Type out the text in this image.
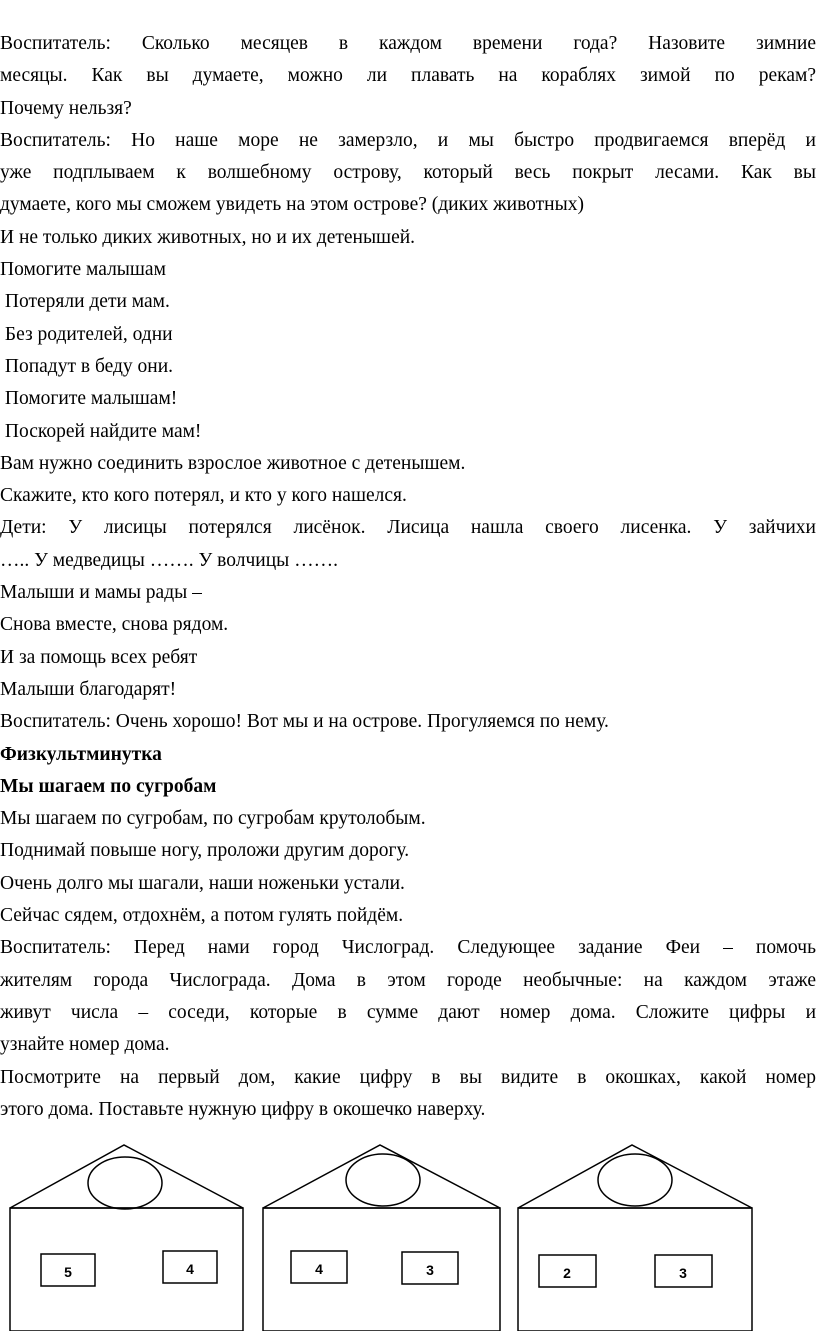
Воспитатель: Сколько месяцев в каждом времени года? Назовите зимние

месяцы. Как вы думаете, можно ли плавать на кораблях зимой по рекам?

Почему нельзя?

Воспитатель: Но наше море не замерзло, и мы быстро продвигаемся вперёд и

уже подплываем к волшебному острову, который весь покрыт лесами. Как вы

думаете, кого мы сможем увидеть на этом острове? (диких животных)

И не только диких животных, но и их детенышей.

Помогите малышам

Потеряли дети мам.

Без родителей, одни

Попадут в беду они.

Помогите малышам!

Поскорей найдите мам!

Вам нужно соединить взрослое животное с детенышем.

Скажите, кто кого потерял, и кто у кого нашелся.

Дети: У лисицы потерялся лисёнок. Лисица нашла своего лисенка. У зайчихи

….. У медведицы ……. У волчицы …….

Малыши и мамы рады –

Снова вместе, снова рядом.

И за помощь всех ребят

Малыши благодарят!

Воспитатель: Очень хорошо! Вот мы и на острове. Прогуляемся по нему.

Физкультминутка

Мы шагаем по сугробам

Мы шагаем по сугробам, по сугробам крутолобым.

Поднимай повыше ногу, проложи другим дорогу.

Очень долго мы шагали, наши ноженьки устали.

Сейчас сядем, отдохнём, а потом гулять пойдём.

Воспитатель: Перед нами город Числоград. Следующее задание Феи – помочь

жителям города Числограда. Дома в этом городе необычные: на каждом этаже

живут числа – соседи, которые в сумме дают номер дома. Сложите цифры и

узнайте номер дома.

Посмотрите на первый дом, какие цифру в вы видите в окошках, какой номер

этого дома. Поставьте нужную цифру в окошечко наверху.

5	4	4	3	2	3
